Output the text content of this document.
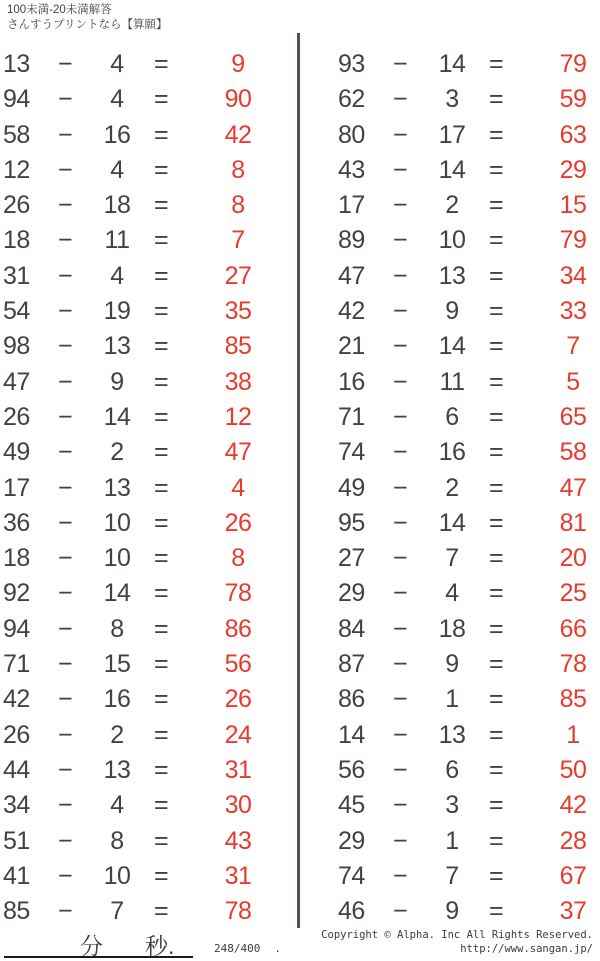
100未満-20未満解答
さんすうプリントなら【算願】
13	−	4	=	9
94	−	4	=	90
58	−	16 =	42
12	−	4	=	8
26	−	18 =	8
18	−	11 =	7
31	−	4	=	27
54	−	19 =	35
98	−	13 =	85
47	−	9	=	38
26	−	14 =	12
49	−	2	=	47
17	−	13 =	4
36	−	10 =	26
18	−	10 =	8
92	−	14 =	78
94	−	8	=	86
71	−	15 =	56
42	−	16 =	26
26	−	2	=	24
44	−	13 =	31
34	−	4	=	30
51	−	8	=	43
41	−	10 =	31
85	−	7	=	78
93	−	14 =	79
62	−	3	=	59
80	−	17 =	63
43	−	14 =	29
17	−	2	=	15
89	−	10 =	79
47	−	13 =	34
42	−	9	=	33
21	−	14 =	7
16	−	11 =	5
71	−	6	=	65
74	−	16 =	58
49	−	2	=	47
95	−	14 =	81
27	−	7	=	20
29	−	4	=	25
84	−	18 =	66
87	−	9	=	78
86	−	1	=	85
14	−	13 =	1
56	−	6	=	50
45	−	3	=	42
29	−	1	=	28
74	−	7	=	67
46	−	9	=	37
分 秒.	248/400 .
Copyright © Alpha. Inc All Rights Reserved.
http://www.sangan.jp/
